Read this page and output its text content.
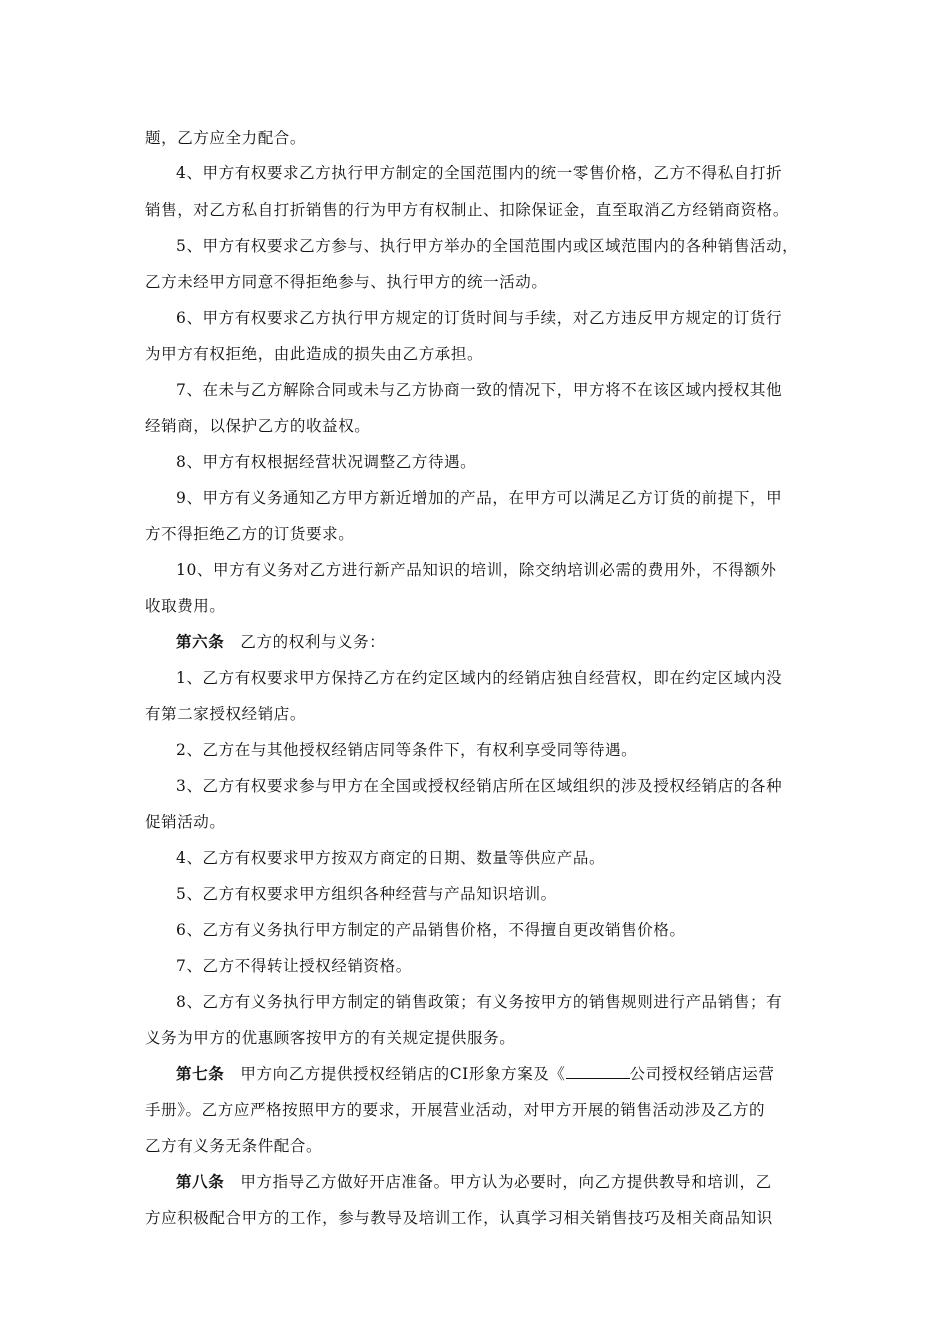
题，乙方应全力配合。
4、甲方有权要求乙方执行甲方制定的全国范围内的统一零售价格，乙方不得私自打折
销售，对乙方私自打折销售的行为甲方有权制止、扣除保证金，直至取消乙方经销商资格。
5、甲方有权要求乙方参与、执行甲方举办的全国范围内或区域范围内的各种销售活动，
乙方未经甲方同意不得拒绝参与、执行甲方的统一活动。
6、甲方有权要求乙方执行甲方规定的订货时间与手续，对乙方违反甲方规定的订货行
为甲方有权拒绝，由此造成的损失由乙方承担。
7、在未与乙方解除合同或未与乙方协商一致的情况下，甲方将不在该区域内授权其他
经销商，以保护乙方的收益权。
8、甲方有权根据经营状况调整乙方待遇。
9、甲方有义务通知乙方甲方新近增加的产品，在甲方可以满足乙方订货的前提下，甲
方不得拒绝乙方的订货要求。
10、甲方有义务对乙方进行新产品知识的培训，除交纳培训必需的费用外，不得额外
收取费用。
第六条  乙方的权利与义务：
1、乙方有权要求甲方保持乙方在约定区域内的经销店独自经营权，即在约定区域内没
有第二家授权经销店。
2、乙方在与其他授权经销店同等条件下，有权利享受同等待遇。
3、乙方有权要求参与甲方在全国或授权经销店所在区域组织的涉及授权经销店的各种
促销活动。
4、乙方有权要求甲方按双方商定的日期、数量等供应产品。
5、乙方有权要求甲方组织各种经营与产品知识培训。
6、乙方有义务执行甲方制定的产品销售价格，不得擅自更改销售价格。
7、乙方不得转让授权经销资格。
8、乙方有义务执行甲方制定的销售政策；有义务按甲方的销售规则进行产品销售；有
义务为甲方的优惠顾客按甲方的有关规定提供服务。
第七条  甲方向乙方提供授权经销店的CI形象方案及《	公司授权经销店运营
手册》。乙方应严格按照甲方的要求，开展营业活动，对甲方开展的销售活动涉及乙方的
乙方有义务无条件配合。
第八条  甲方指导乙方做好开店准备。甲方认为必要时，向乙方提供教导和培训，乙
方应积极配合甲方的工作，参与教导及培训工作，认真学习相关销售技巧及相关商品知识
